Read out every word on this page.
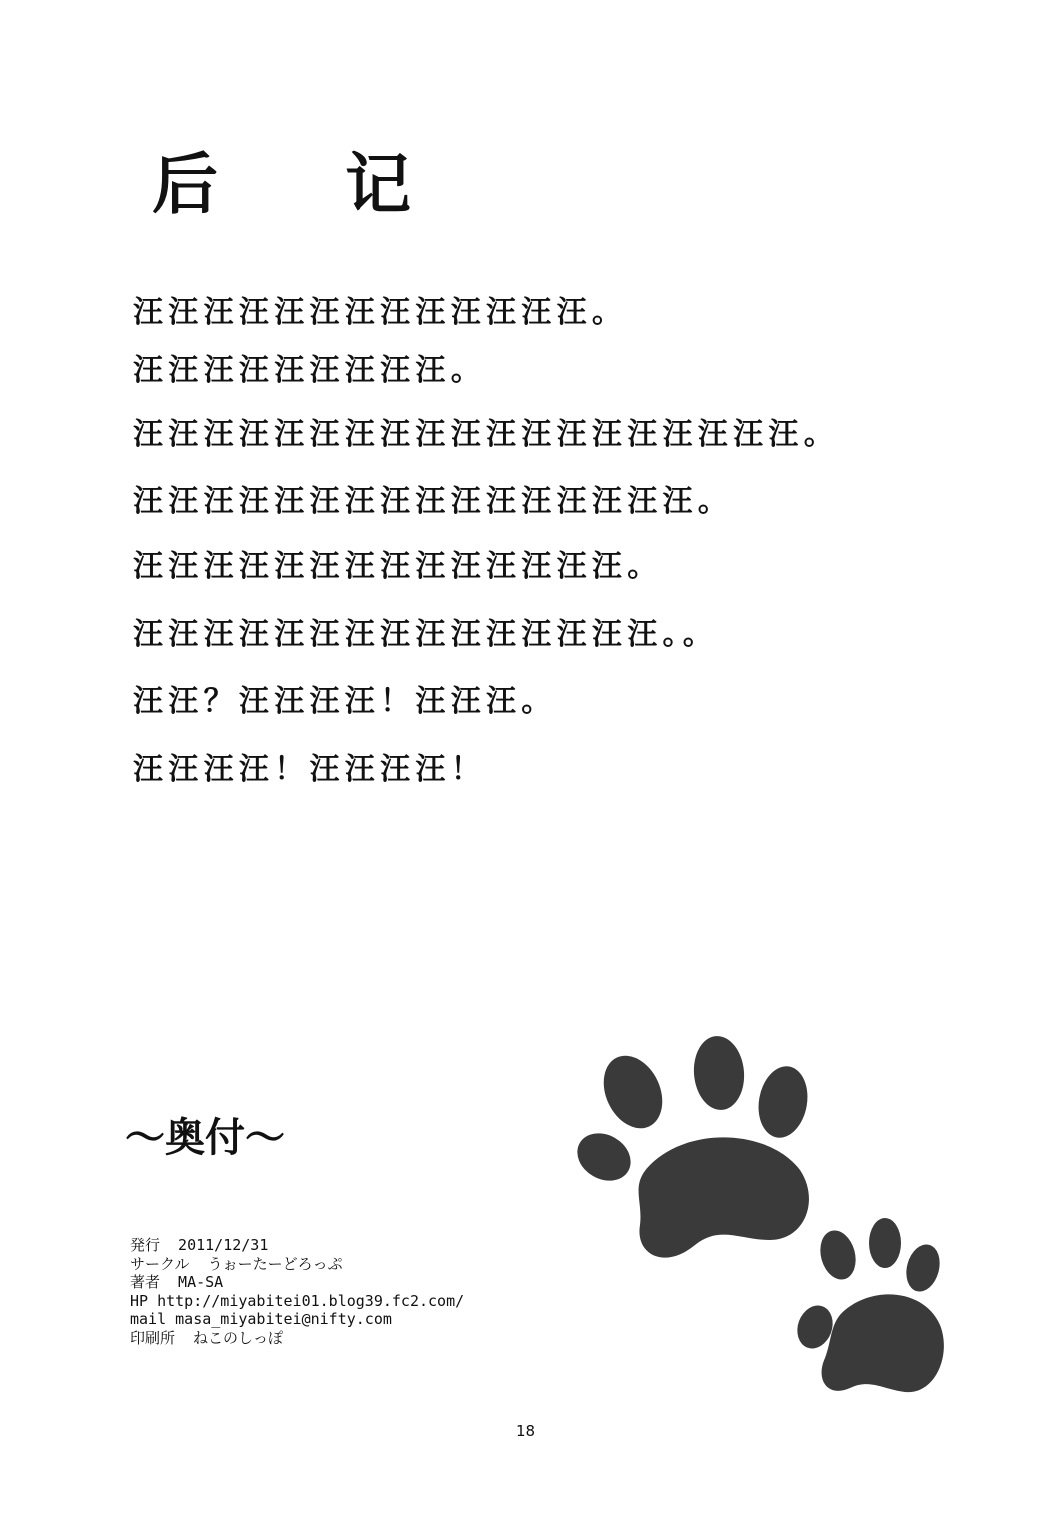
后 记
汪汪汪汪汪汪汪汪汪汪汪汪汪。
汪汪汪汪汪汪汪汪汪。
汪汪汪汪汪汪汪汪汪汪汪汪汪汪汪汪汪汪汪。
汪汪汪汪汪汪汪汪汪汪汪汪汪汪汪汪。
汪汪汪汪汪汪汪汪汪汪汪汪汪汪。
汪汪汪汪汪汪汪汪汪汪汪汪汪汪汪。。
汪汪？汪汪汪汪！汪汪汪。
汪汪汪汪！汪汪汪汪！
～奥付～
発行  2011/12/31
サークル  うぉーたーどろっぷ
著者  MA-SA
HP http://miyabitei01.blog39.fc2.com/
mail masa_miyabitei@nifty.com
印刷所  ねこのしっぽ
18
